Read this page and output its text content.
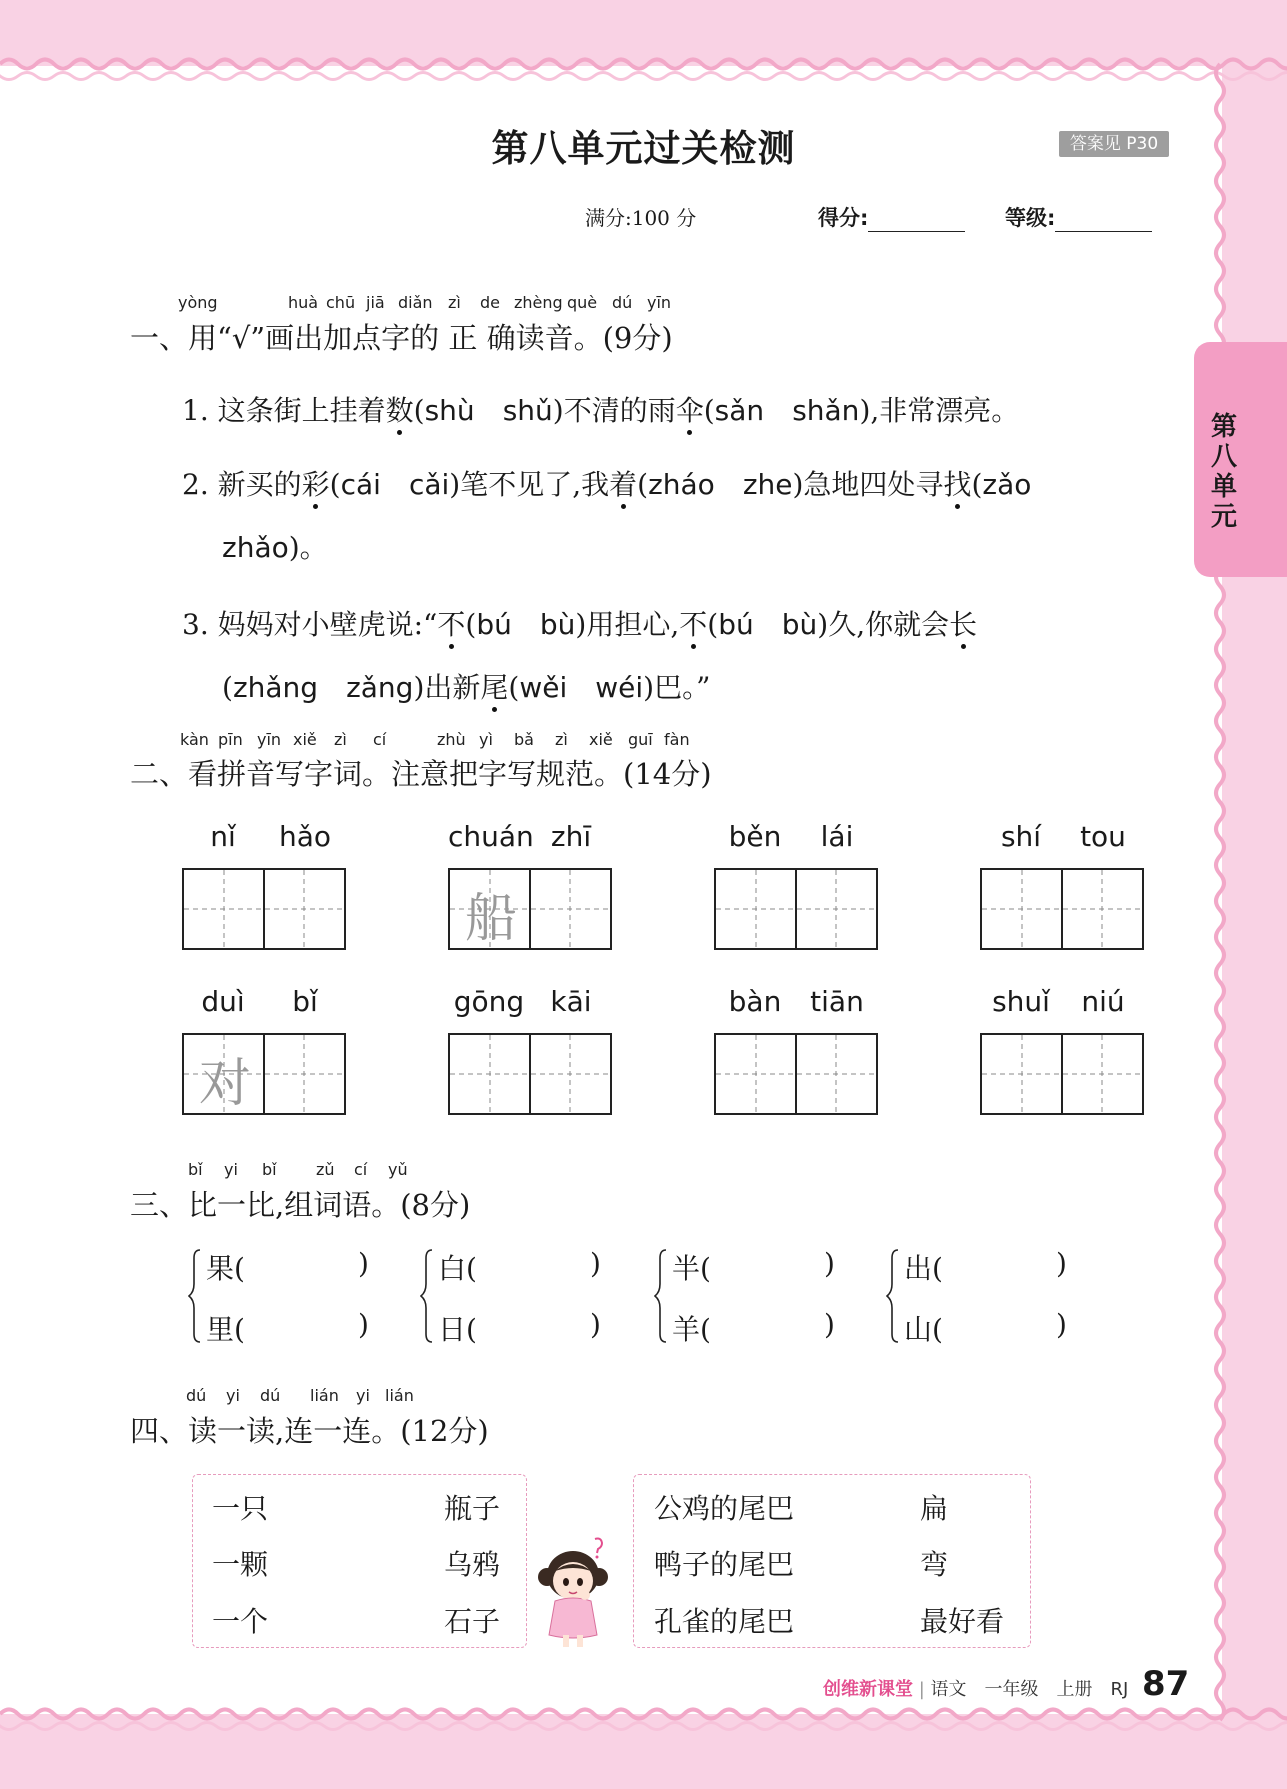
第八单元过关检测	答案见 P30
满分:100 分	得分:	等级:
第
八
单
元
yòng	huà chū jiā diǎn zì de zhèng què dú yīn
一、用“√”画出加点字的 正 确读音。(9分)
1. 这条街上挂着数(shù　 shǔ)不清的雨伞(sǎn　 shǎn),非常漂亮。
2. 新买的彩(cái　 cǎi)笔不见了,我着(zháo　 zhe)急地四处寻找(zǎo
zhǎo)。
3. 妈妈对小壁虎说:“不(bú　 bù)用担心,不(bú　 bù)久,你就会长
(zhǎng　 zǎng)出新尾(wěi　 wéi)巴。”
kàn pīn yīn xiě zì cí	zhù yì bǎ zì xiě guī fàn
二、看拼音写字词。注意把字写规范。(14分)
nǐ hǎo	chuán zhī
船
běn lái	shí tou
duì bǐ
对
gōng kāi	bàn tiān	shuǐ niú
bǐ yi bǐ zǔ cí yǔ
三、比一比,组词语。(8分)
果(	)
里(	)
白(	)
日(	)
半(	)
羊(	)
出(	)
山(	)
dú yi dú lián yi lián
四、读一读,连一连。(12分)
一只
一颗
一个
瓶子
乌鸦
石子
公鸡的尾巴
鸭子的尾巴
孔雀的尾巴
扁
弯
最好看
创维新课堂 | 语文　一年级　上册　RJ 87
